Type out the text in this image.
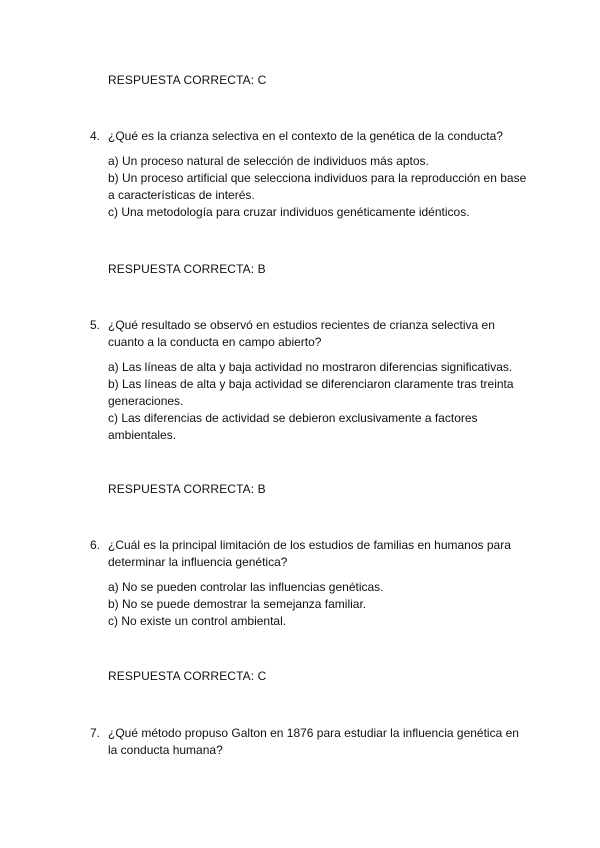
RESPUESTA CORRECTA: C
4. ¿Qué es la crianza selectiva en el contexto de la genética de la conducta?
a) Un proceso natural de selección de individuos más aptos.
b) Un proceso artificial que selecciona individuos para la reproducción en base a características de interés.
c) Una metodología para cruzar individuos genéticamente idénticos.
RESPUESTA CORRECTA: B
5. ¿Qué resultado se observó en estudios recientes de crianza selectiva en cuanto a la conducta en campo abierto?
a) Las líneas de alta y baja actividad no mostraron diferencias significativas.
b) Las líneas de alta y baja actividad se diferenciaron claramente tras treinta generaciones.
c) Las diferencias de actividad se debieron exclusivamente a factores ambientales.
RESPUESTA CORRECTA: B
6. ¿Cuál es la principal limitación de los estudios de familias en humanos para determinar la influencia genética?
a) No se pueden controlar las influencias genéticas.
b) No se puede demostrar la semejanza familiar.
c) No existe un control ambiental.
RESPUESTA CORRECTA: C
7. ¿Qué método propuso Galton en 1876 para estudiar la influencia genética en la conducta humana?
